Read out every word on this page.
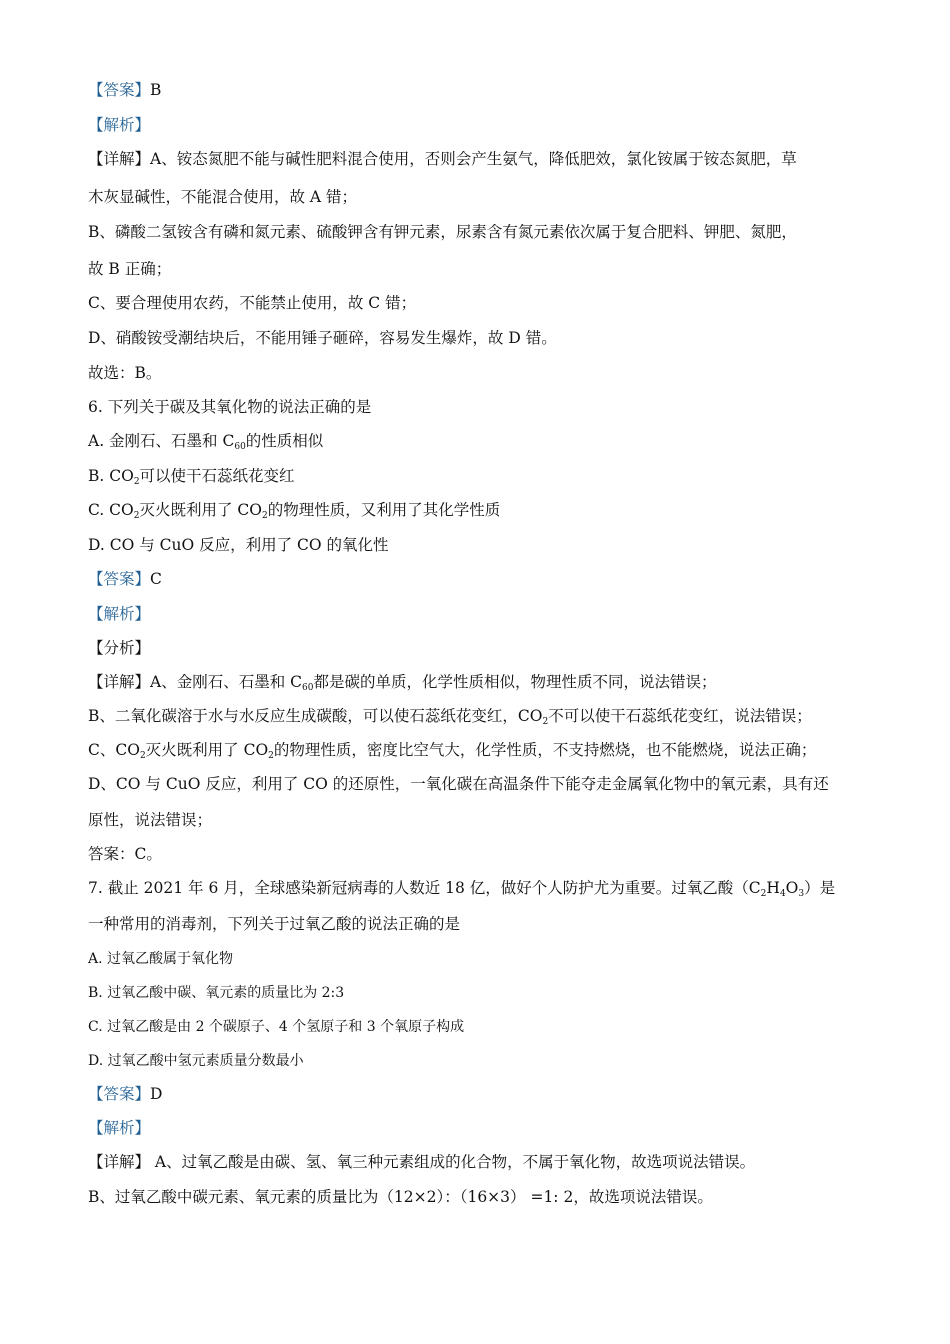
【答案】B
【解析】
【详解】A、铵态氮肥不能与碱性肥料混合使用，否则会产生氨气，降低肥效，氯化铵属于铵态氮肥，草
木灰显碱性，不能混合使用，故 A 错；
B、磷酸二氢铵含有磷和氮元素、硫酸钾含有钾元素，尿素含有氮元素依次属于复合肥料、钾肥、氮肥，
故 B 正确；
C、要合理使用农药，不能禁止使用，故 C 错；
D、硝酸铵受潮结块后，不能用锤子砸碎，容易发生爆炸，故 D 错。
故选：B。
6. 下列关于碳及其氧化物的说法正确的是
A. 金刚石、石墨和 $C_{60}$的性质相似
B. $CO_2$可以使干石蕊纸花变红
C. $CO_2$灭火既利用了 $CO_2$的物理性质，又利用了其化学性质
D. CO 与 CuO 反应，利用了 CO 的氧化性
【答案】C
【解析】
【分析】
【详解】A、金刚石、石墨和 $C_{60}$都是碳的单质，化学性质相似，物理性质不同，说法错误；
B、二氧化碳溶于水与水反应生成碳酸，可以使石蕊纸花变红，$CO_2$不可以使干石蕊纸花变红，说法错误；
C、$CO_2$灭火既利用了 $CO_2$的物理性质，密度比空气大，化学性质，不支持燃烧，也不能燃烧，说法正确；
D、CO 与 CuO 反应，利用了 CO 的还原性，一氧化碳在高温条件下能夺走金属氧化物中的氧元素，具有还
原性，说法错误；
答案：C。
7. 截止 2021 年 6 月，全球感染新冠病毒的人数近 18 亿，做好个人防护尤为重要。过氧乙酸$(C_2H_4O_3)$是
一种常用的消毒剂，下列关于过氧乙酸的说法正确的是
A. 过氧乙酸属于氧化物
B. 过氧乙酸中碳、氧元素的质量比为 2:3
C. 过氧乙酸是由 2 个碳原子、4 个氢原子和 3 个氧原子构成
D. 过氧乙酸中氢元素质量分数最小
【答案】D
【解析】
【详解】 A、过氧乙酸是由碳、氢、氧三种元素组成的化合物，不属于氧化物，故选项说法错误。
B、过氧乙酸中碳元素、氧元素的质量比为（12×2）：（16×3） =1: 2，故选项说法错误。
